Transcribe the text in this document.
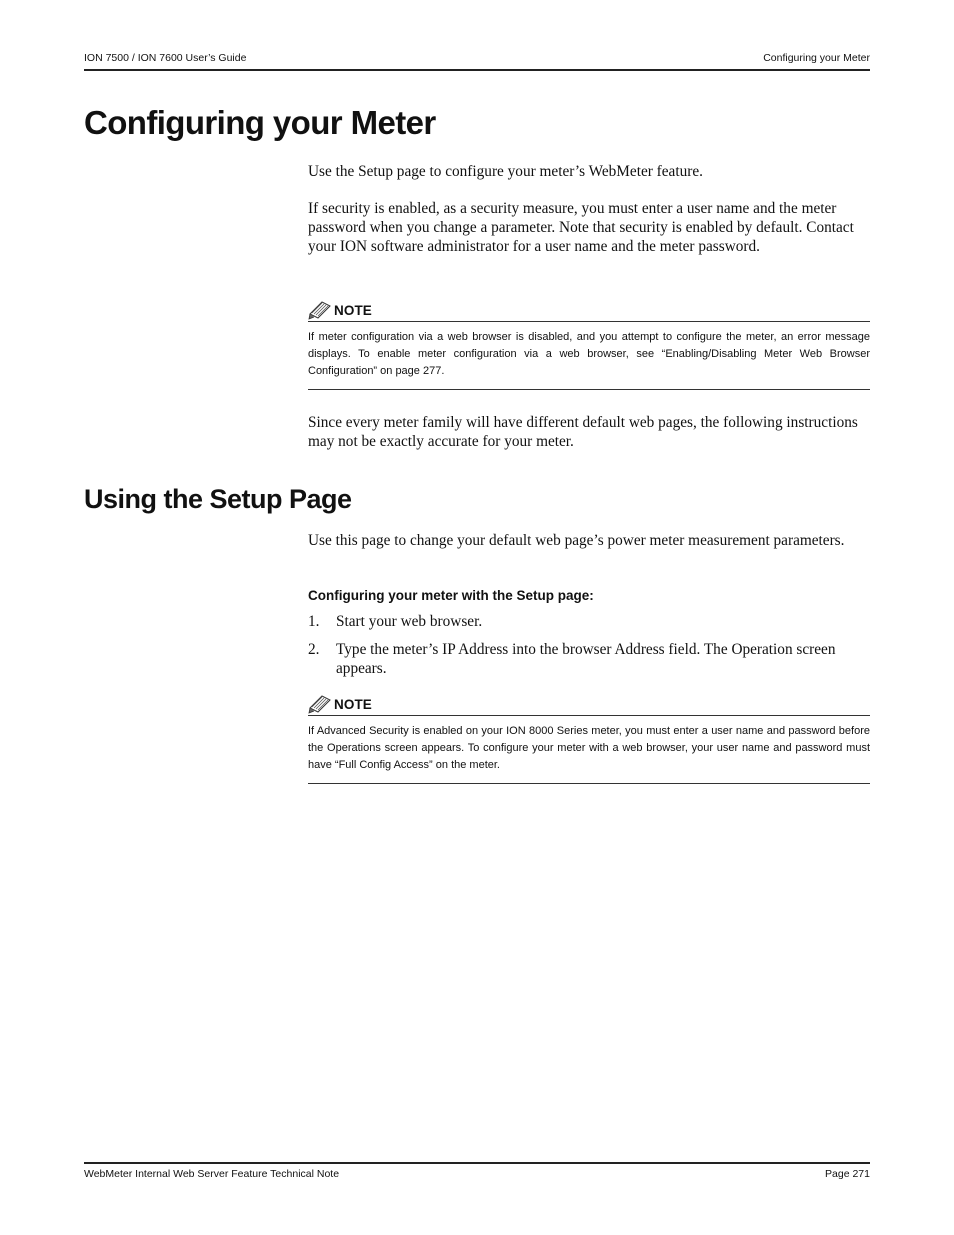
ION 7500 / ION 7600 User’s Guide	Configuring your Meter
Configuring your Meter

Use the Setup page to configure your meter’s WebMeter feature.

If security is enabled, as a security measure, you must enter a user name and the meter password when you change a parameter. Note that security is enabled by default. Contact your ION software administrator for a user name and the meter password.

NOTE

If meter configuration via a web browser is disabled, and you attempt to configure the meter, an error message displays. To enable meter configuration via a web browser, see “Enabling/Disabling Meter Web Browser Configuration” on page 277.

Since every meter family will have different default web pages, the following instructions may not be exactly accurate for your meter.

Using the Setup Page

Use this page to change your default web page’s power meter measurement parameters.

Configuring your meter with the Setup page:

1. Start your web browser.
2. Type the meter’s IP Address into the browser Address field. The Operation screen appears.
NOTE

If Advanced Security is enabled on your ION 8000 Series meter, you must enter a user name and password before the Operations screen appears. To configure your meter with a web browser, your user name and password must have “Full Config Access” on the meter.

WebMeter Internal Web Server Feature Technical Note	Page 271
